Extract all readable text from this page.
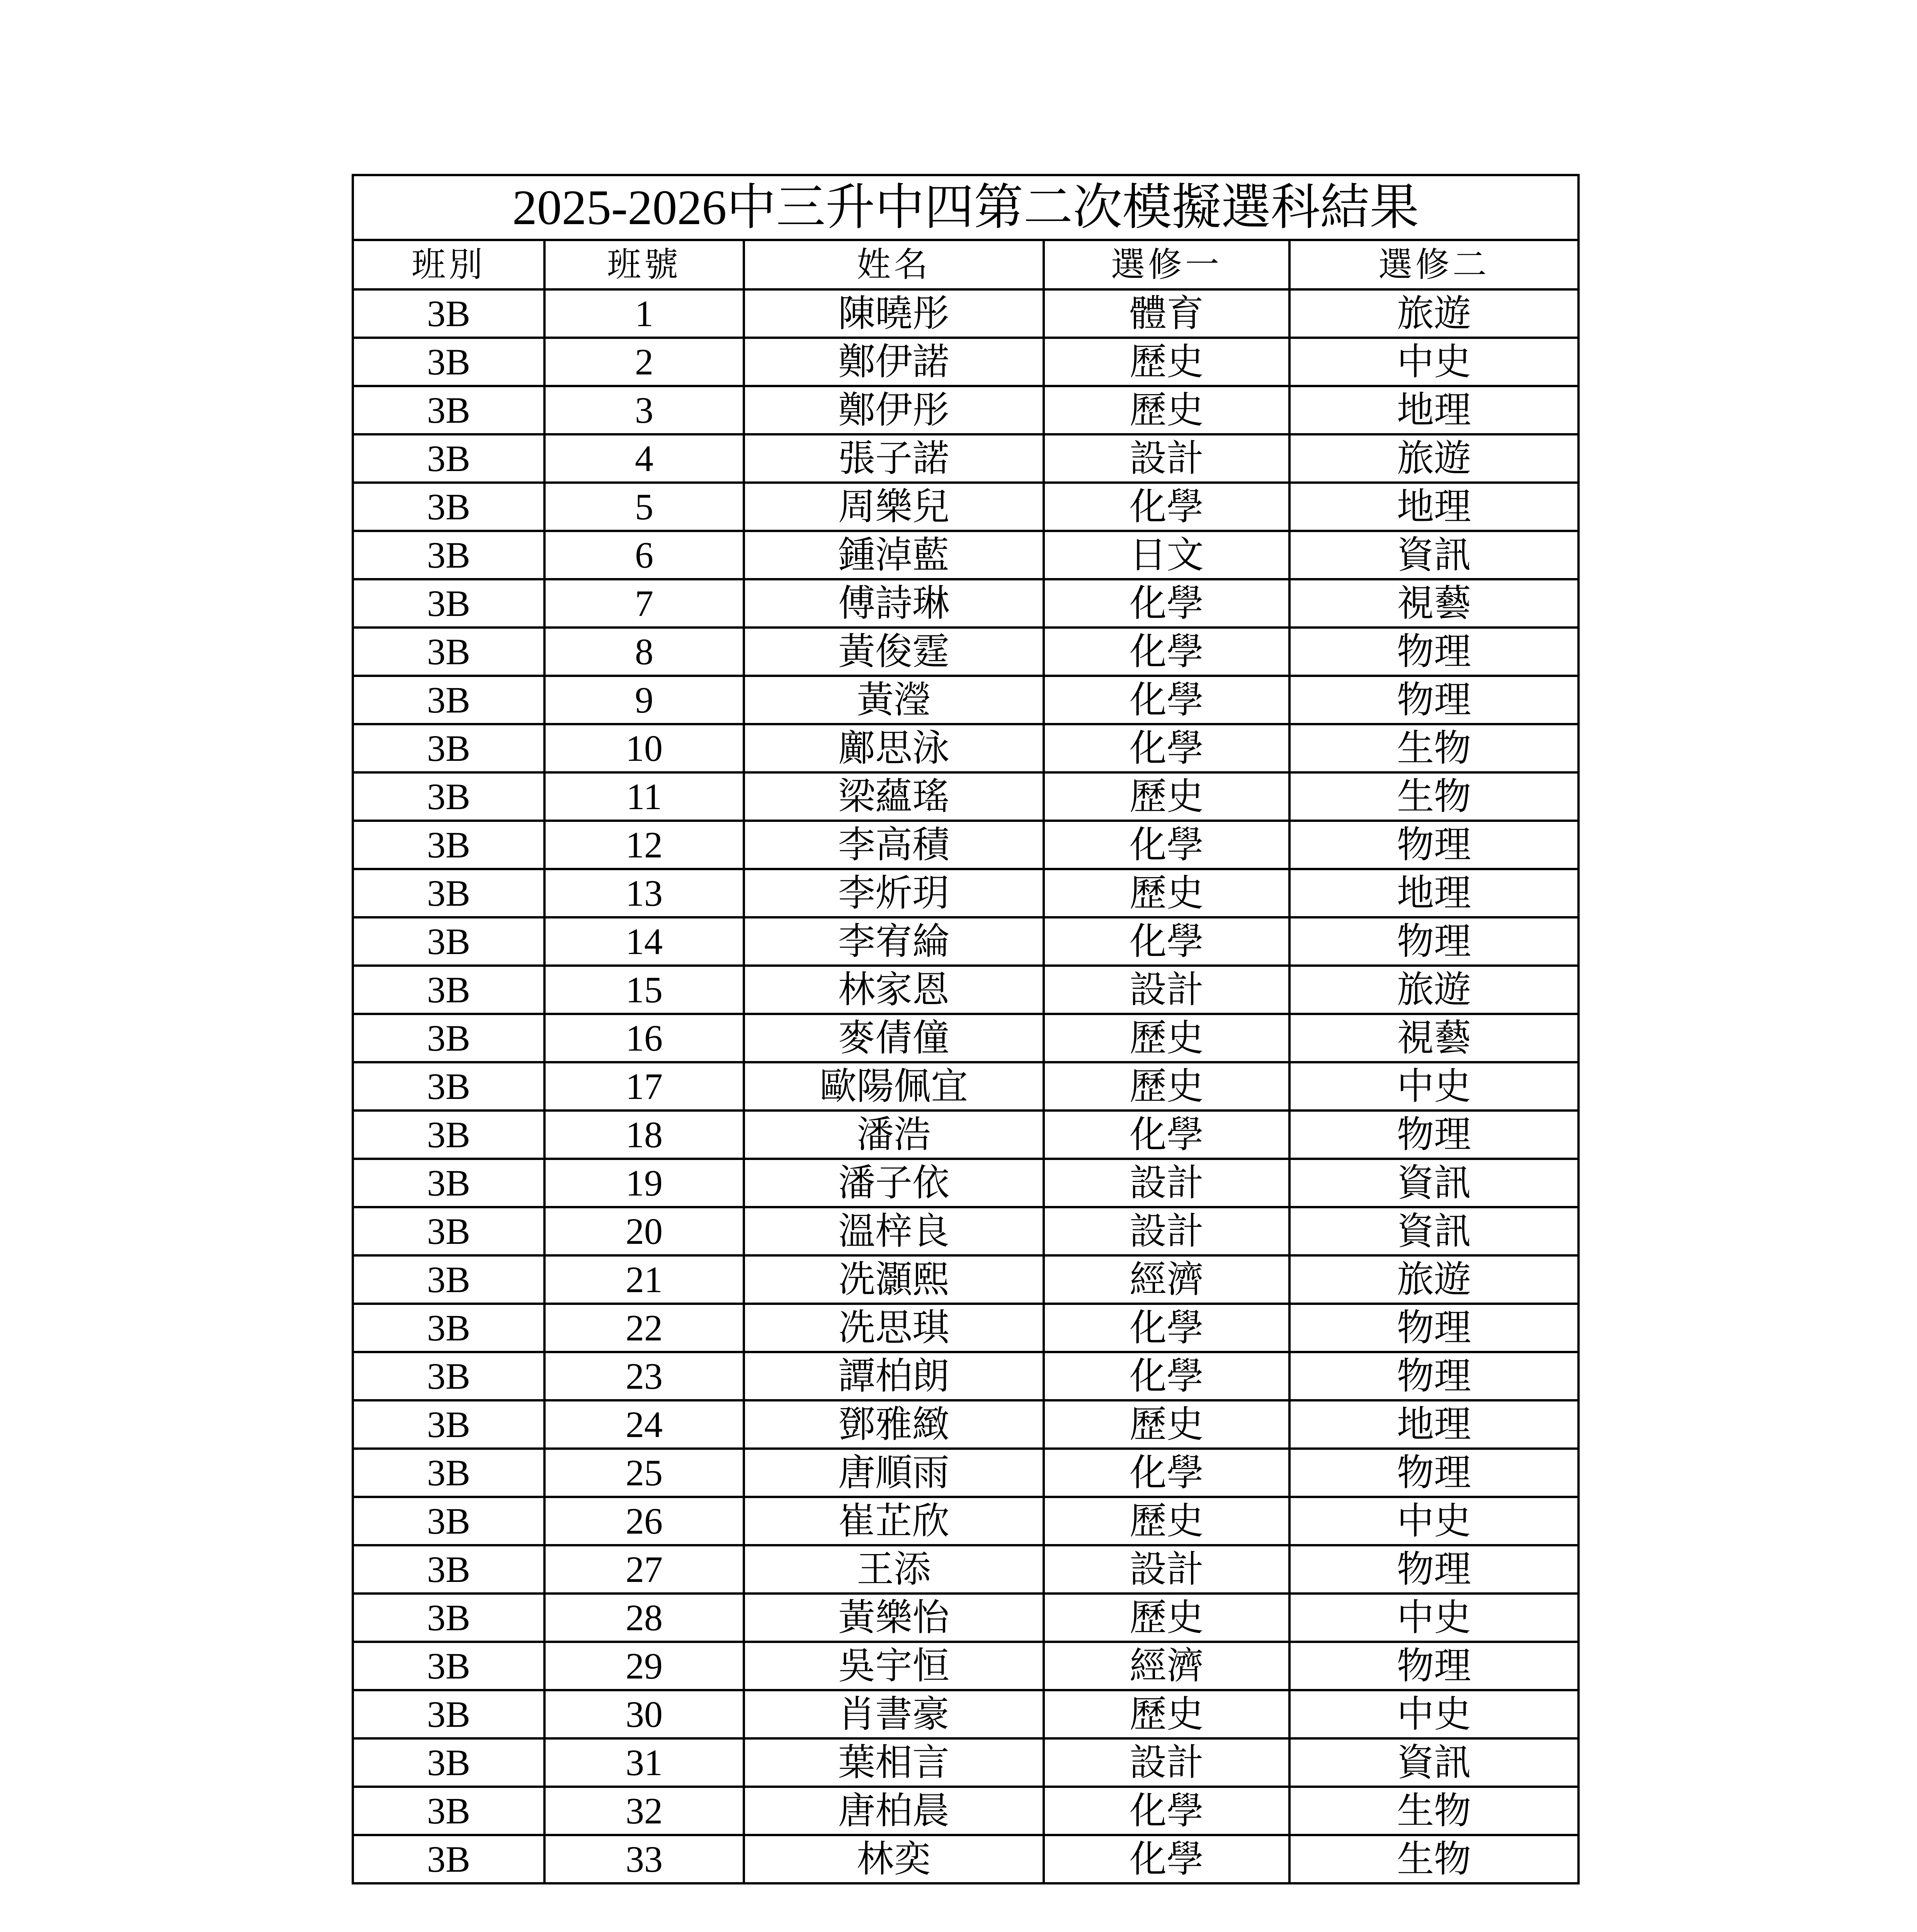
2025-2026中三升中四第二次模擬選科結果				
班別	班號	姓名	選修一	選修二
3B	1	陳曉彤	體育	旅遊
3B	2	鄭伊諾	歷史	中史
3B	3	鄭伊彤	歷史	地理
3B	4	張子諾	設計	旅遊
3B	5	周樂兒	化學	地理
3B	6	鍾淖藍	日文	資訊
3B	7	傅詩琳	化學	視藝
3B	8	黃俊霆	化學	物理
3B	9	黃瀅	化學	物理
3B	10	鄺思泳	化學	生物
3B	11	梁蘊瑤	歷史	生物
3B	12	李高積	化學	物理
3B	13	李炘玥	歷史	地理
3B	14	李宥綸	化學	物理
3B	15	林家恩	設計	旅遊
3B	16	麥倩僮	歷史	視藝
3B	17	歐陽佩宜	歷史	中史
3B	18	潘浩	化學	物理
3B	19	潘子依	設計	資訊
3B	20	溫梓良	設計	資訊
3B	21	冼灝熙	經濟	旅遊
3B	22	冼思琪	化學	物理
3B	23	譚柏朗	化學	物理
3B	24	鄧雅緻	歷史	地理
3B	25	唐順雨	化學	物理
3B	26	崔芷欣	歷史	中史
3B	27	王添	設計	物理
3B	28	黃樂怡	歷史	中史
3B	29	吳宇恒	經濟	物理
3B	30	肖書豪	歷史	中史
3B	31	葉相言	設計	資訊
3B	32	唐柏晨	化學	生物
3B	33	林奕	化學	生物
